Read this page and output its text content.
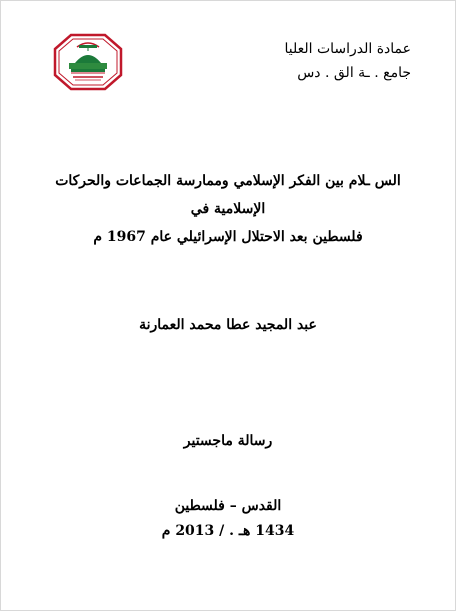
عمادة الدراسات العليا
جامع . ـة الق . دس
الس ـلام بين الفكر الإسلامي وممارسة الجماعات والحركات الإسلامية في
فلسطين بعد الاحتلال الإسرائيلي عام 1967 م
عبد المجيد عطا محمد العمارنة
رسالة ماجستير
القدس – فلسطين
1434 هـ . / 2013 م
